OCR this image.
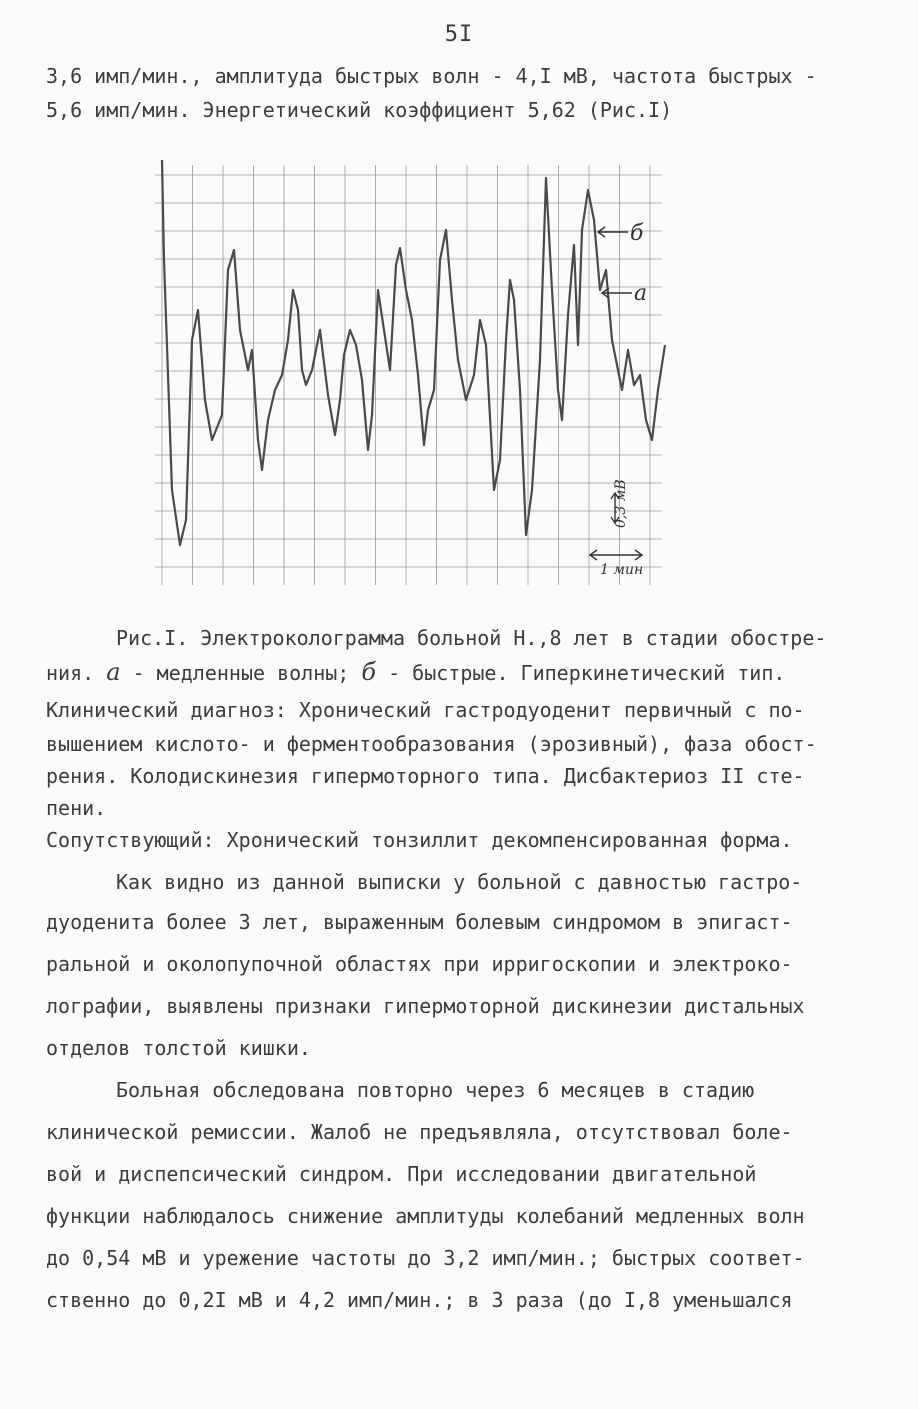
5I
3,6 имп/мин., амплитуда быстрых волн - 4,I мВ, частота быстрых -
5,6 имп/мин. Энергетический коэффициент 5,62 (Рис.I)
б
а
0,3 мВ
1 мин
Рис.I. Электроколограмма больной Н.,8 лет в стадии обостре-
ния. а - медленные волны; б - быстрые. Гиперкинетический тип.
Клинический диагноз: Хронический гастродуоденит первичный с по-
вышением кислото- и ферментообразования (эрозивный), фаза обост-
рения. Колодискинезия гипермоторного типа. Дисбактериоз II сте-
пени.
Сопутствующий: Хронический тонзиллит декомпенсированная форма.
Как видно из данной выписки у больной с давностью гастро-
дуоденита более 3 лет, выраженным болевым синдромом в эпигаст-
ральной и околопупочной областях при ирригоскопии и электроко-
лографии, выявлены признаки гипермоторной дискинезии дистальных
отделов толстой кишки.
Больная обследована повторно через 6 месяцев в стадию
клинической ремиссии. Жалоб не предъявляла, отсутствовал боле-
вой и диспепсический синдром. При исследовании двигательной
функции наблюдалось снижение амплитуды колебаний медленных волн
до 0,54 мВ и урежение частоты до 3,2 имп/мин.; быстрых соответ-
ственно до 0,2I мВ и 4,2 имп/мин.; в 3 раза (до I,8 уменьшался
